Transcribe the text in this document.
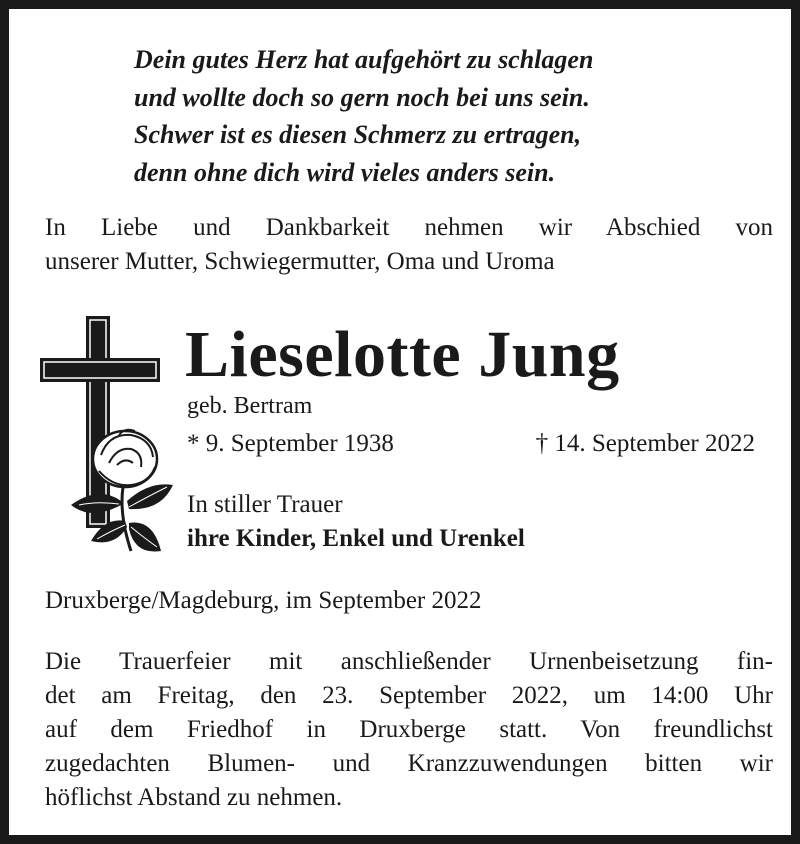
Dein gutes Herz hat aufgehört zu schlagen
und wollte doch so gern noch bei uns sein.
Schwer ist es diesen Schmerz zu ertragen,
denn ohne dich wird vieles anders sein.
In Liebe und Dankbarkeit nehmen wir Abschied von
unserer Mutter, Schwiegermutter, Oma und Uroma
Lieselotte Jung
geb. Bertram
* 9. September 1938	† 14. September 2022
In stiller Trauer
ihre Kinder, Enkel und Urenkel
Druxberge/Magdeburg, im September 2022
Die Trauerfeier mit anschließender Urnenbeisetzung fin-
det am Freitag, den 23. September 2022, um 14:00 Uhr
auf dem Friedhof in Druxberge statt. Von freundlichst
zugedachten Blumen- und Kranzzuwendungen bitten wir
höflichst Abstand zu nehmen.
